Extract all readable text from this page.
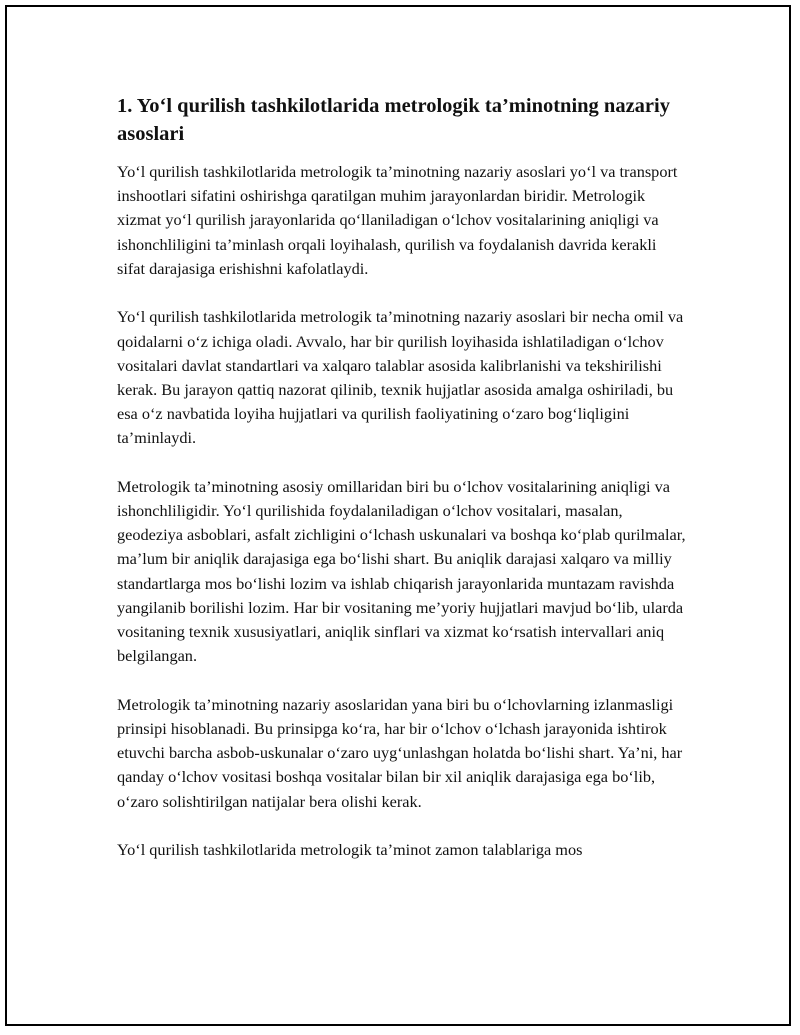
1. Yo‘l qurilish tashkilotlarida metrologik ta’minotning nazariy asoslari

Yo‘l qurilish tashkilotlarida metrologik ta’minotning nazariy asoslari yo‘l va transport inshootlari sifatini oshirishga qaratilgan muhim jarayonlardan biridir. Metrologik xizmat yo‘l qurilish jarayonlarida qo‘llaniladigan o‘lchov vositalarining aniqligi va ishonchliligini ta’minlash orqali loyihalash, qurilish va foydalanish davrida kerakli sifat darajasiga erishishni kafolatlaydi.

Yo‘l qurilish tashkilotlarida metrologik ta’minotning nazariy asoslari bir necha omil va qoidalarni o‘z ichiga oladi. Avvalo, har bir qurilish loyihasida ishlatiladigan o‘lchov vositalari davlat standartlari va xalqaro talablar asosida kalibrlanishi va tekshirilishi kerak. Bu jarayon qattiq nazorat qilinib, texnik hujjatlar asosida amalga oshiriladi, bu esa o‘z navbatida loyiha hujjatlari va qurilish faoliyatining o‘zaro bog‘liqligini ta’minlaydi.

Metrologik ta’minotning asosiy omillaridan biri bu o‘lchov vositalarining aniqligi va ishonchliligidir. Yo‘l qurilishida foydalaniladigan o‘lchov vositalari, masalan, geodeziya asboblari, asfalt zichligini o‘lchash uskunalari va boshqa ko‘plab qurilmalar, ma’lum bir aniqlik darajasiga ega bo‘lishi shart. Bu aniqlik darajasi xalqaro va milliy standartlarga mos bo‘lishi lozim va ishlab chiqarish jarayonlarida muntazam ravishda yangilanib borilishi lozim. Har bir vositaning me’yoriy hujjatlari mavjud bo‘lib, ularda vositaning texnik xususiyatlari, aniqlik sinflari va xizmat ko‘rsatish intervallari aniq belgilangan.

Metrologik ta’minotning nazariy asoslaridan yana biri bu o‘lchovlarning izlanmasligi prinsipi hisoblanadi. Bu prinsipga ko‘ra, har bir o‘lchov o‘lchash jarayonida ishtirok etuvchi barcha asbob-uskunalar o‘zaro uyg‘unlashgan holatda bo‘lishi shart. Ya’ni, har qanday o‘lchov vositasi boshqa vositalar bilan bir xil aniqlik darajasiga ega bo‘lib, o‘zaro solishtirilgan natijalar bera olishi kerak.

Yo‘l qurilish tashkilotlarida metrologik ta’minot zamon talablariga mos
